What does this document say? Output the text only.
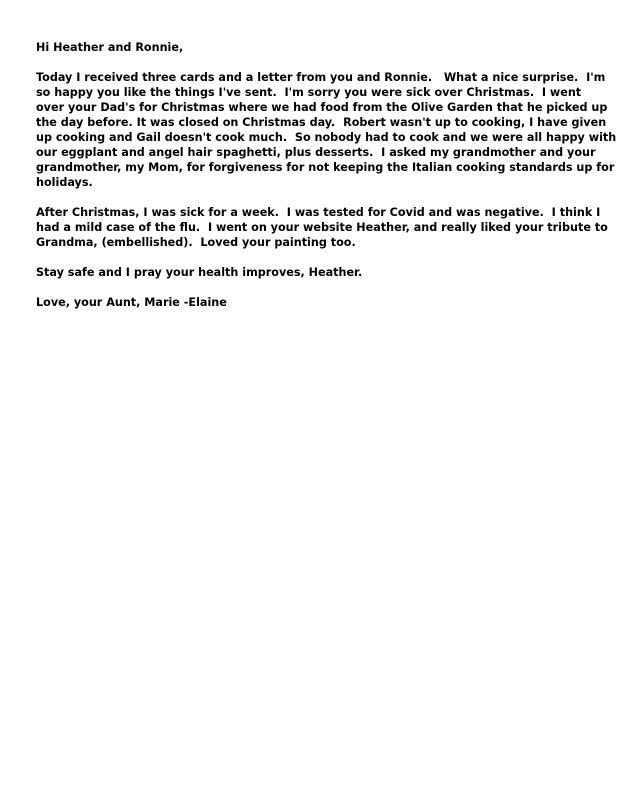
Hi Heather and Ronnie,

Today I received three cards and a letter from you and Ronnie.   What a nice surprise.  I'm
so happy you like the things I've sent.  I'm sorry you were sick over Christmas.  I went
over your Dad's for Christmas where we had food from the Olive Garden that he picked up
the day before. It was closed on Christmas day.  Robert wasn't up to cooking, I have given
up cooking and Gail doesn't cook much.  So nobody had to cook and we were all happy with
our eggplant and angel hair spaghetti, plus desserts.  I asked my grandmother and your
grandmother, my Mom, for forgiveness for not keeping the Italian cooking standards up for
holidays.

After Christmas, I was sick for a week.  I was tested for Covid and was negative.  I think I
had a mild case of the flu.  I went on your website Heather, and really liked your tribute to
Grandma, (embellished).  Loved your painting too.

Stay safe and I pray your health improves, Heather.

Love, your Aunt, Marie -Elaine
